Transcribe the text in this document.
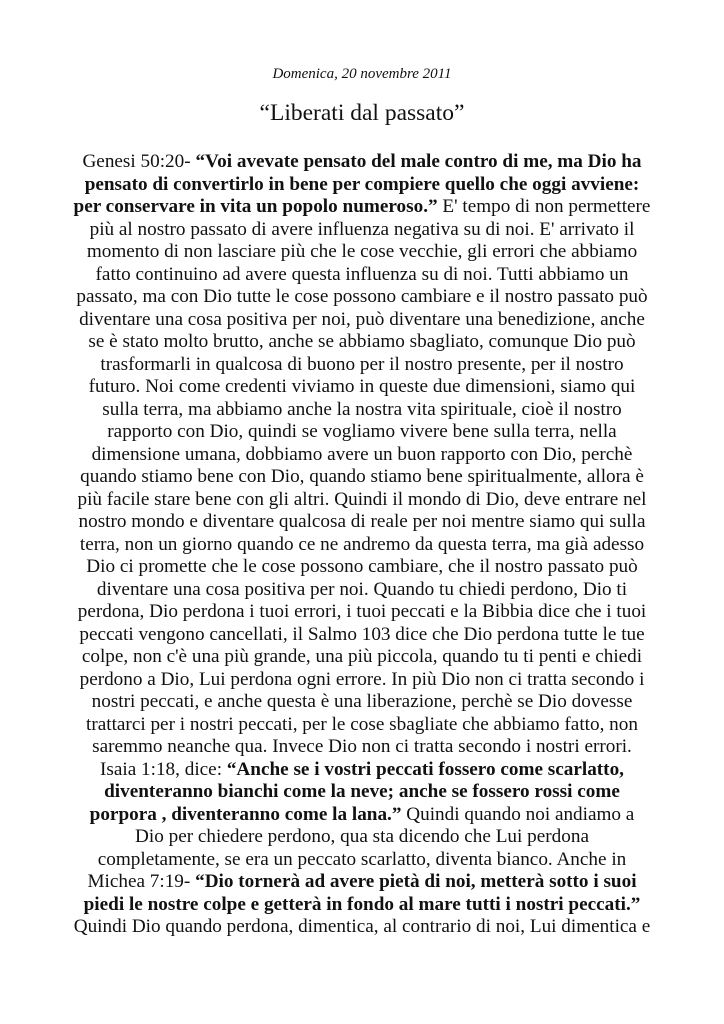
Domenica, 20 novembre 2011
“Liberati dal passato”
Genesi 50:20- “Voi avevate pensato del male contro di me, ma Dio ha
pensato di convertirlo in bene per compiere quello che oggi avviene:
per conservare in vita un popolo numeroso.” E' tempo di non permettere
più al nostro passato di avere influenza negativa su di noi. E' arrivato il
momento di non lasciare più che le cose vecchie, gli errori che abbiamo
fatto continuino ad avere questa influenza su di noi. Tutti abbiamo un
passato, ma con Dio tutte le cose possono cambiare e il nostro passato può
diventare una cosa positiva per noi, può diventare una benedizione, anche
se è stato molto brutto, anche se abbiamo sbagliato, comunque Dio può
trasformarli in qualcosa di buono per il nostro presente, per il nostro
futuro. Noi come credenti viviamo in queste due dimensioni, siamo qui
sulla terra, ma abbiamo anche la nostra vita spirituale, cioè il nostro
rapporto con Dio, quindi se vogliamo vivere bene sulla terra, nella
dimensione umana, dobbiamo avere un buon rapporto con Dio, perchè
quando stiamo bene con Dio, quando stiamo bene spiritualmente, allora è
più facile stare bene con gli altri. Quindi il mondo di Dio, deve entrare nel
nostro mondo e diventare qualcosa di reale per noi mentre siamo qui sulla
terra, non un giorno quando ce ne andremo da questa terra, ma già adesso
Dio ci promette che le cose possono cambiare, che il nostro passato può
diventare una cosa positiva per noi. Quando tu chiedi perdono, Dio ti
perdona, Dio perdona i tuoi errori, i tuoi peccati e la Bibbia dice che i tuoi
peccati vengono cancellati, il Salmo 103 dice che Dio perdona tutte le tue
colpe, non c'è una più grande, una più piccola, quando tu ti penti e chiedi
perdono a Dio, Lui perdona ogni errore. In più Dio non ci tratta secondo i
nostri peccati, e anche questa è una liberazione, perchè se Dio dovesse
trattarci per i nostri peccati, per le cose sbagliate che abbiamo fatto, non
saremmo neanche qua. Invece Dio non ci tratta secondo i nostri errori.
Isaia 1:18, dice: “Anche se i vostri peccati fossero come scarlatto,
diventeranno bianchi come la neve; anche se fossero rossi come
porpora , diventeranno come la lana.” Quindi quando noi andiamo a
Dio per chiedere perdono, qua sta dicendo che Lui perdona
completamente, se era un peccato scarlatto, diventa bianco. Anche in
Michea 7:19- “Dio tornerà ad avere pietà di noi, metterà sotto i suoi
piedi le nostre colpe e getterà in fondo al mare tutti i nostri peccati.”
Quindi Dio quando perdona, dimentica, al contrario di noi, Lui dimentica e
